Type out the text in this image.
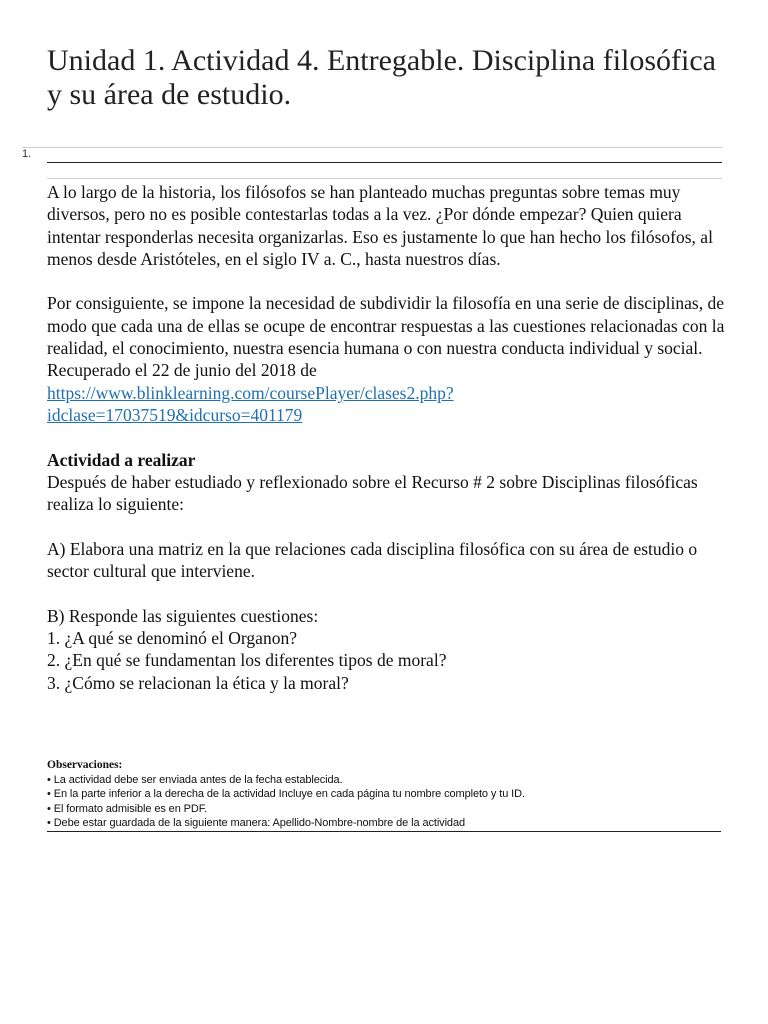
Unidad 1. Actividad 4. Entregable. Disciplina filosófica y su área de estudio.
1.

A lo largo de la historia, los filósofos se han planteado muchas preguntas sobre temas muy diversos, pero no es posible contestarlas todas a la vez. ¿Por dónde empezar? Quien quiera intentar responderlas necesita organizarlas. Eso es justamente lo que han hecho los filósofos, al menos desde Aristóteles, en el siglo IV a. C., hasta nuestros días.

Por consiguiente, se impone la necesidad de subdividir la filosofía en una serie de disciplinas, de modo que cada una de ellas se ocupe de encontrar respuestas a las cuestiones relacionadas con la realidad, el conocimiento, nuestra esencia humana o con nuestra conducta individual y social.

Recuperado el 22 de junio del 2018 de

https://www.blinklearning.com/coursePlayer/clases2.php?
idclase=17037519&idcurso=401179

Actividad a realizar

Después de haber estudiado y reflexionado sobre el Recurso # 2 sobre Disciplinas filosóficas realiza lo siguiente:

A) Elabora una matriz en la que relaciones cada disciplina filosófica con su área de estudio o sector cultural que interviene.

B) Responde las siguientes cuestiones:

1. ¿A qué se denominó el Organon?

2. ¿En qué se fundamentan los diferentes tipos de moral?

3. ¿Cómo se relacionan la ética y la moral?

Observaciones:
• La actividad debe ser enviada antes de la fecha establecida.
• En la parte inferior a la derecha de la actividad Incluye en cada página tu nombre completo y tu ID.
• El formato admisible es en PDF.
• Debe estar guardada de la siguiente manera: Apellido-Nombre-nombre de la actividad
